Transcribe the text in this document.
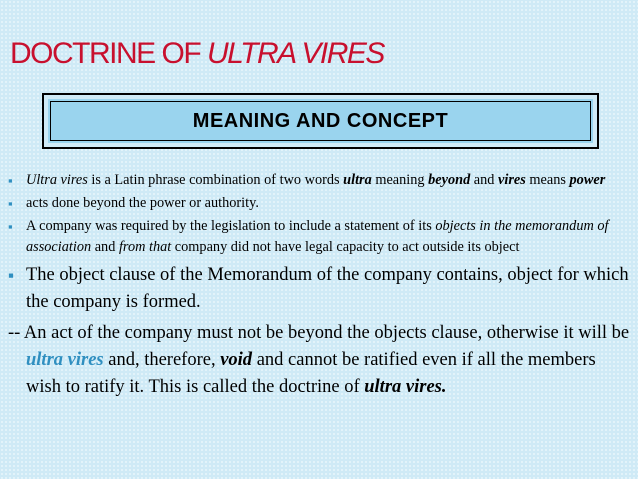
DOCTRINE OF ULTRA VIRES
MEANING AND CONCEPT
▪ Ultra vires is a Latin phrase combination of two words ultra meaning beyond and vires means power
▪ acts done beyond the power or authority.
▪ A company was required by the legislation to include a statement of its objects in the memorandum of association and from that company did not have legal capacity to act outside its object
▪ The object clause of the Memorandum of the company contains, object for which the company is formed.
-- An act of the company must not be beyond the objects clause, otherwise it will be ultra vires and, therefore, void and cannot be ratified even if all the members wish to ratify it. This is called the doctrine of ultra vires.
